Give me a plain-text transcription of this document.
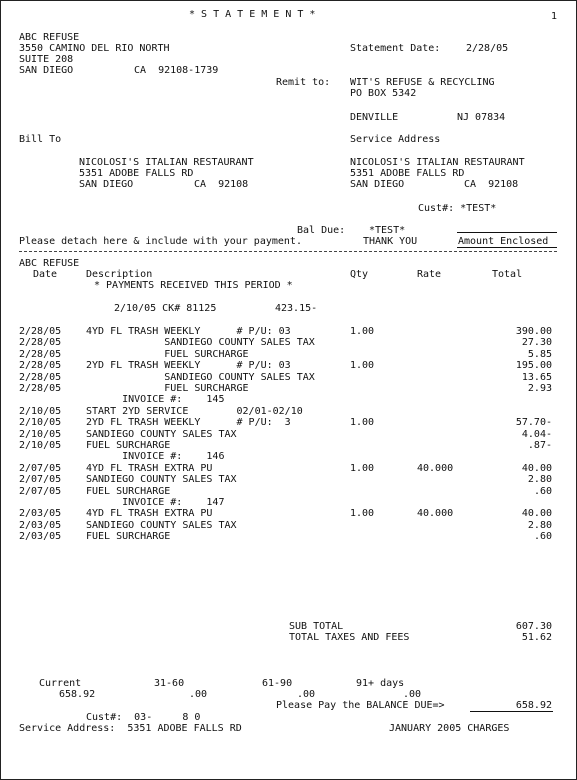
* S T A T E M E N T *	1
ABC REFUSE
3550 CAMINO DEL RIO NORTH
SUITE 208
SAN DIEGO	CA  92108-1739
Statement Date:	2/28/05
Remit to: WIT'S REFUSE & RECYCLING
PO BOX 5342
DENVILLE	NJ 07834
Bill To	Service Address
NICOLOSI'S ITALIAN RESTAURANT
5351 ADOBE FALLS RD
SAN DIEGO	CA  92108
NICOLOSI'S ITALIAN RESTAURANT
5351 ADOBE FALLS RD
SAN DIEGO	CA  92108
Cust#: *TEST*
Bal Due: *TEST*
Please detach here & include with your payment.	THANK YOU	Amount Enclosed
ABC REFUSE
Date	Description	Qty	Rate	Total
* PAYMENTS RECEIVED THIS PERIOD *
2/10/05 CK# 81125	423.15-
2/28/05 4YD FL TRASH WEEKLY      # P/U: 03	1.00	390.00
2/28/05 SANDIEGO COUNTY SALES TAX	27.30
2/28/05 FUEL SURCHARGE	5.85
2/28/05 2YD FL TRASH WEEKLY      # P/U: 03	1.00	195.00
2/28/05 SANDIEGO COUNTY SALES TAX	13.65
2/28/05 FUEL SURCHARGE	2.93
INVOICE #:    145
2/10/05 START 2YD SERVICE        02/01-02/10
2/10/05 2YD FL TRASH WEEKLY      # P/U:  3	1.00	57.70-
2/10/05 SANDIEGO COUNTY SALES TAX	4.04-
2/10/05 FUEL SURCHARGE	.87-
INVOICE #:    146
2/07/05 4YD FL TRASH EXTRA PU	1.00	40.000	40.00
2/07/05 SANDIEGO COUNTY SALES TAX	2.80
2/07/05 FUEL SURCHARGE	.60
INVOICE #:    147
2/03/05 4YD FL TRASH EXTRA PU	1.00	40.000	40.00
2/03/05 SANDIEGO COUNTY SALES TAX	2.80
2/03/05 FUEL SURCHARGE	.60
SUB TOTAL	607.30
TOTAL TAXES AND FEES	51.62
Current	31-60	61-90	91+ days
658.92	.00	.00	.00
Please Pay the BALANCE DUE=>	658.92
Cust#:  03-     8 0
Service Address:  5351 ADOBE FALLS RD	JANUARY 2005 CHARGES
